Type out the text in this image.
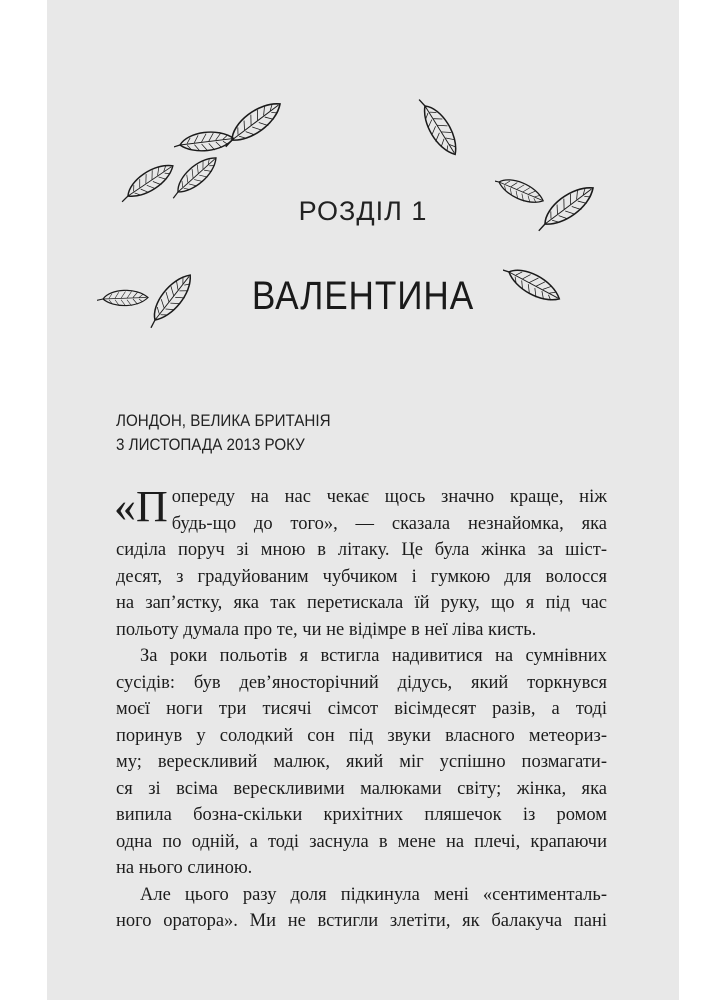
РОЗДІЛ 1
ВАЛЕНТИНА
ЛОНДОН, ВЕЛИКА БРИТАНІЯ
3 ЛИСТОПАДА 2013 РОКУ

«П опереду на нас чекає щось значно краще, ніж
будь-що до того», — сказала незнайомка, яка
сиділа поруч зі мною в літаку. Це була жінка за шіст-
десят, з градуйованим чубчиком і гумкою для волосся
на зап’ястку, яка так перетискала їй руку, що я під час
польоту думала про те, чи не відімре в неї ліва кисть.

За роки польотів я встигла надивитися на сумнівних
сусідів: був дев’яносторічний дідусь, який торкнувся
моєї ноги три тисячі сімсот вісімдесят разів, а тоді
поринув у солодкий сон під звуки власного метеориз-
му; верескливий малюк, який міг успішно позмагати-
ся зі всіма верескливими малюками світу; жінка, яка
випила бозна-скільки крихітних пляшечок із ромом
одна по одній, а тоді заснула в мене на плечі, крапаючи
на нього слиною.

Але цього разу доля підкинула мені «сентименталь-
ного оратора». Ми не встигли злетіти, як балакуча пані
